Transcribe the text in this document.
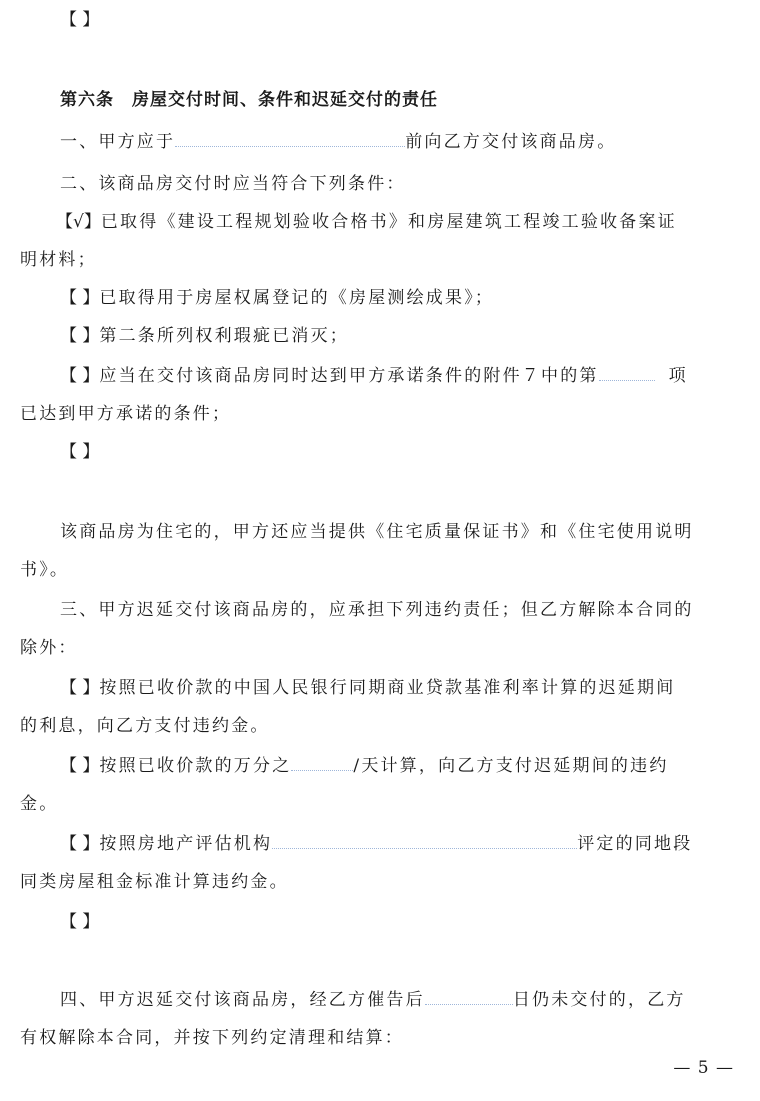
【 】
第六条　房屋交付时间、条件和迟延交付的责任
一、甲方应于	前向乙方交付该商品房。
二、该商品房交付时应当符合下列条件：
【√】已取得《建设工程规划验收合格书》和房屋建筑工程竣工验收备案证
明材料；
【 】已取得用于房屋权属登记的《房屋测绘成果》；
【 】第二条所列权利瑕疵已消灭；
【 】应当在交付该商品房同时达到甲方承诺条件的附件７中的第	项
已达到甲方承诺的条件；
【 】
该商品房为住宅的，甲方还应当提供《住宅质量保证书》和《住宅使用说明
书》。
三、甲方迟延交付该商品房的，应承担下列违约责任；但乙方解除本合同的
除外：
【 】按照已收价款的中国人民银行同期商业贷款基准利率计算的迟延期间
的利息，向乙方支付违约金。
【 】按照已收价款的万分之	/天计算，向乙方支付迟延期间的违约
金。
【 】按照房地产评估机构	评定的同地段
同类房屋租金标准计算违约金。
【 】
四、甲方迟延交付该商品房，经乙方催告后	日仍未交付的，乙方
有权解除本合同，并按下列约定清理和结算：
— 5 —
